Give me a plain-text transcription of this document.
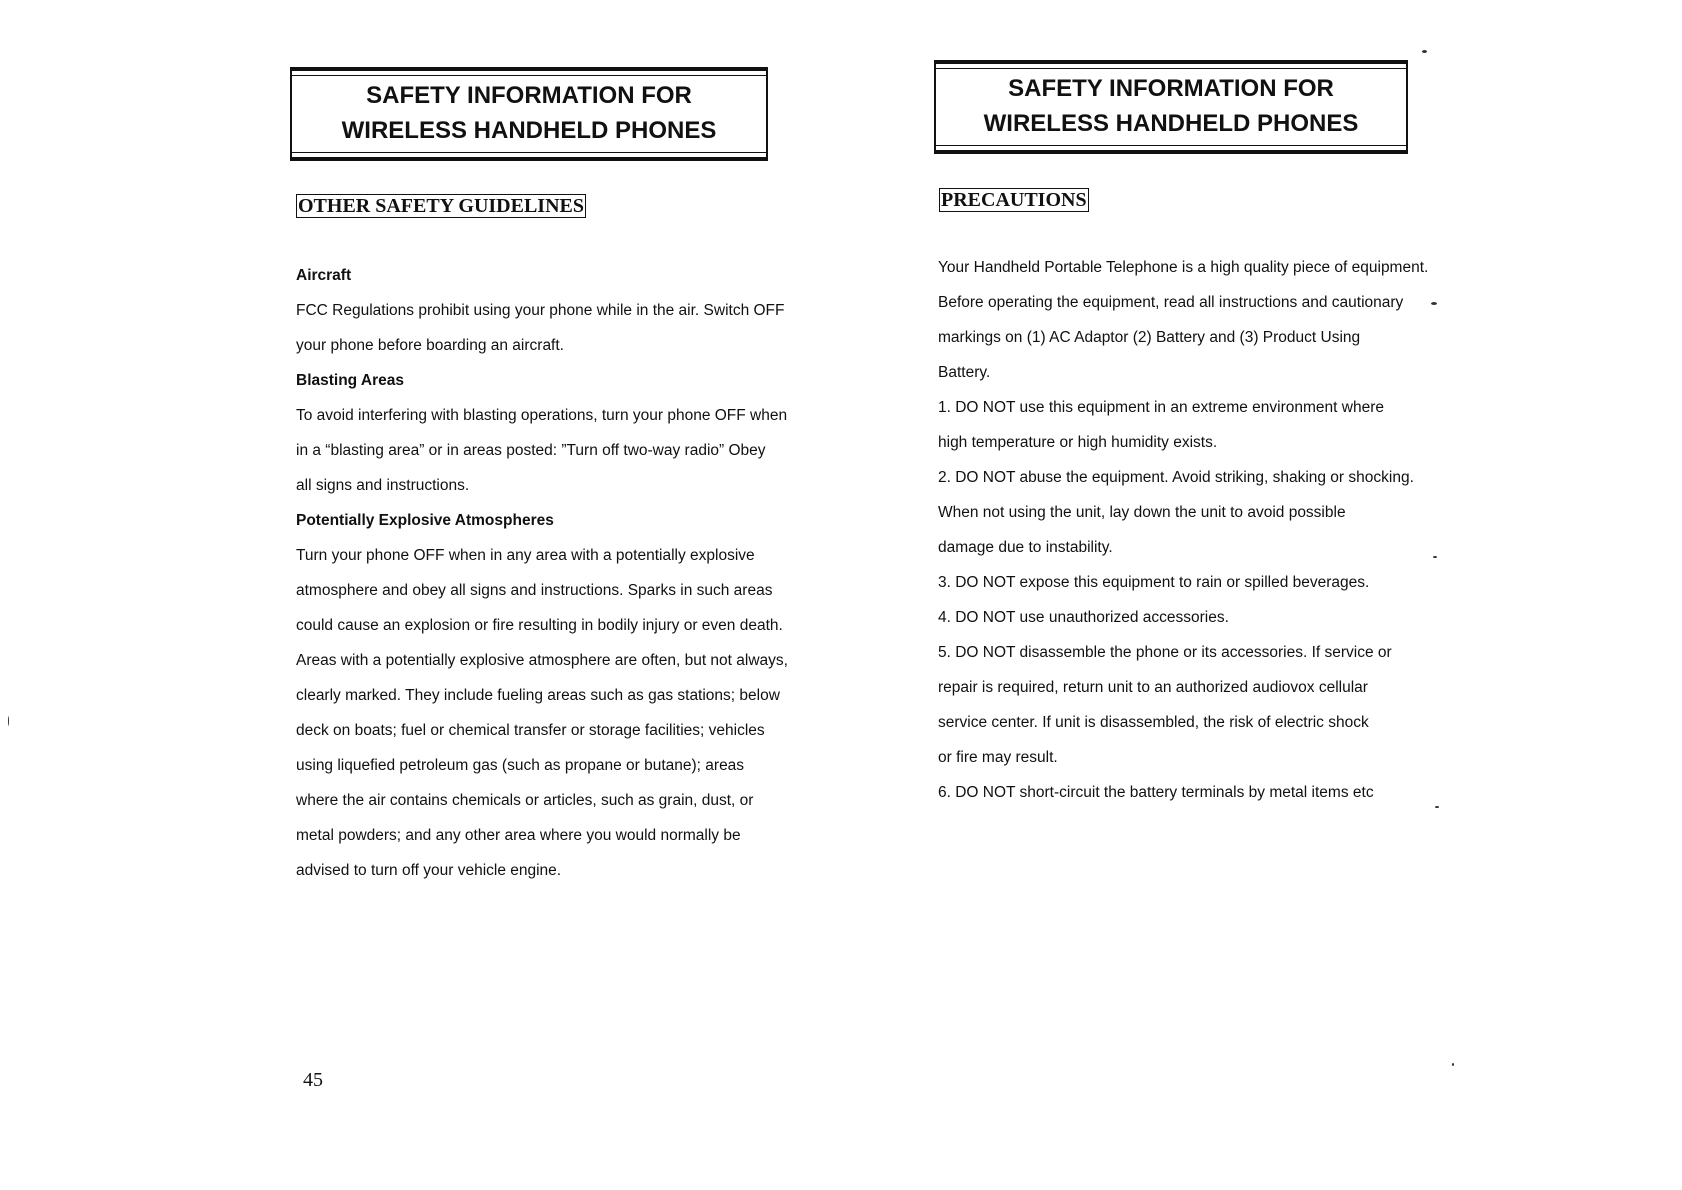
SAFETY INFORMATION FOR
WIRELESS HANDHELD PHONES
OTHER SAFETY GUIDELINES
Aircraft
FCC Regulations prohibit using your phone while in the air. Switch OFF
your phone before boarding an aircraft.
Blasting Areas
To avoid interfering with blasting operations, turn your phone OFF when
in a “blasting area” or in areas posted: ”Turn off two-way radio” Obey
all signs and instructions.
Potentially Explosive Atmospheres
Turn your phone OFF when in any area with a potentially explosive
atmosphere and obey all signs and instructions. Sparks in such areas
could cause an explosion or fire resulting in bodily injury or even death.
Areas with a potentially explosive atmosphere are often, but not always,
clearly marked. They include fueling areas such as gas stations; below
deck on boats; fuel or chemical transfer or storage facilities; vehicles
using liquefied petroleum gas (such as propane or butane); areas
where the air contains chemicals or articles, such as grain, dust, or
metal powders; and any other area where you would normally be
advised to turn off your vehicle engine.
45
SAFETY INFORMATION FOR
WIRELESS HANDHELD PHONES
PRECAUTIONS
Your Handheld Portable Telephone is a high quality piece of equipment.
Before operating the equipment, read all instructions and cautionary
markings on (1) AC Adaptor (2) Battery and (3) Product Using
Battery.
1. DO NOT use this equipment in an extreme environment where
high temperature or high humidity exists.
2. DO NOT abuse the equipment. Avoid striking, shaking or shocking.
When not using the unit, lay down the unit to avoid possible
damage due to instability.
3. DO NOT expose this equipment to rain or spilled beverages.
4. DO NOT use unauthorized accessories.
5. DO NOT disassemble the phone or its accessories. If service or
repair is required, return unit to an authorized audiovox cellular
service center. If unit is disassembled, the risk of electric shock
or fire may result.
6. DO NOT short-circuit the battery terminals by metal items etc
